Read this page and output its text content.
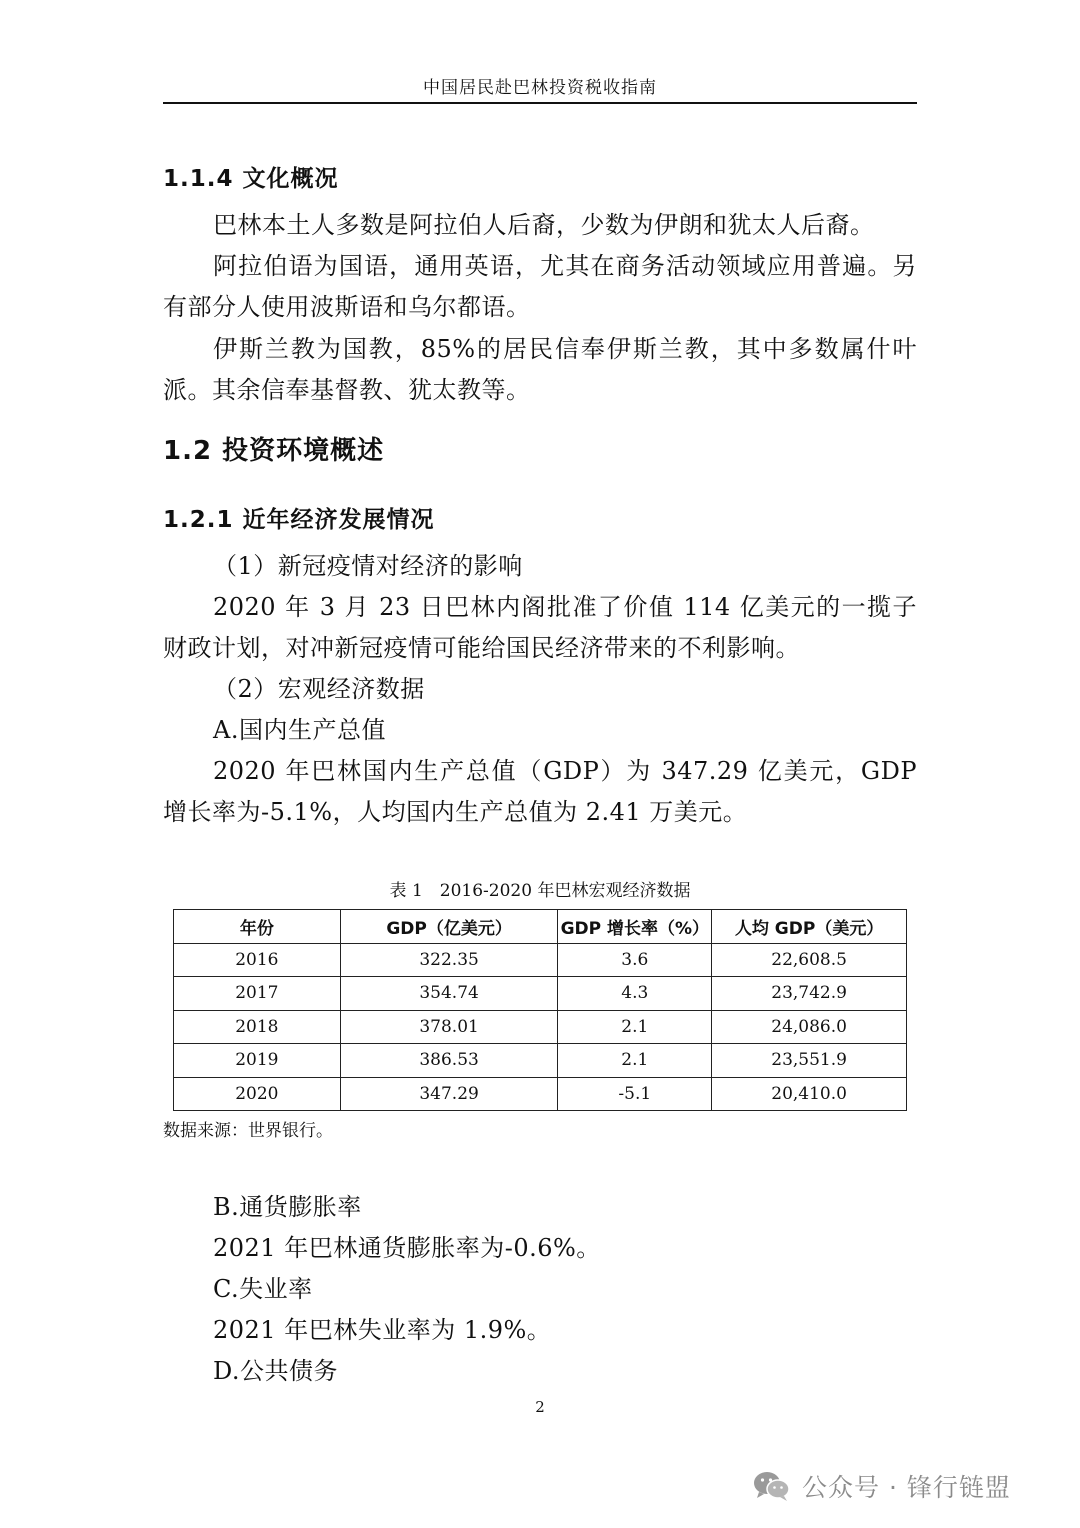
中国居民赴巴林投资税收指南
1.1.4 文化概况
巴林本土人多数是阿拉伯人后裔，少数为伊朗和犹太人后裔。
阿拉伯语为国语，通用英语，尤其在商务活动领域应用普遍。另有部分人使用波斯语和乌尔都语。
伊斯兰教为国教，85%的居民信奉伊斯兰教，其中多数属什叶派。其余信奉基督教、犹太教等。
1.2 投资环境概述
1.2.1 近年经济发展情况
（1）新冠疫情对经济的影响
2020 年 3 月 23 日巴林内阁批准了价值 114 亿美元的一揽子财政计划，对冲新冠疫情可能给国民经济带来的不利影响。
（2）宏观经济数据
A.国内生产总值
2020 年巴林国内生产总值（GDP）为 347.29 亿美元，GDP 增长率为-5.1%，人均国内生产总值为 2.41 万美元。
表 1　2016-2020 年巴林宏观经济数据
年份	GDP（亿美元）	GDP 增长率（%）	人均 GDP（美元）
2016	322.35	3.6	22,608.5
2017	354.74	4.3	23,742.9
2018	378.01	2.1	24,086.0
2019	386.53	2.1	23,551.9
2020	347.29	-5.1	20,410.0
数据来源：世界银行。
B.通货膨胀率
2021 年巴林通货膨胀率为-0.6%。
C.失业率
2021 年巴林失业率为 1.9%。
D.公共债务
2
公众号 · 锋行链盟
